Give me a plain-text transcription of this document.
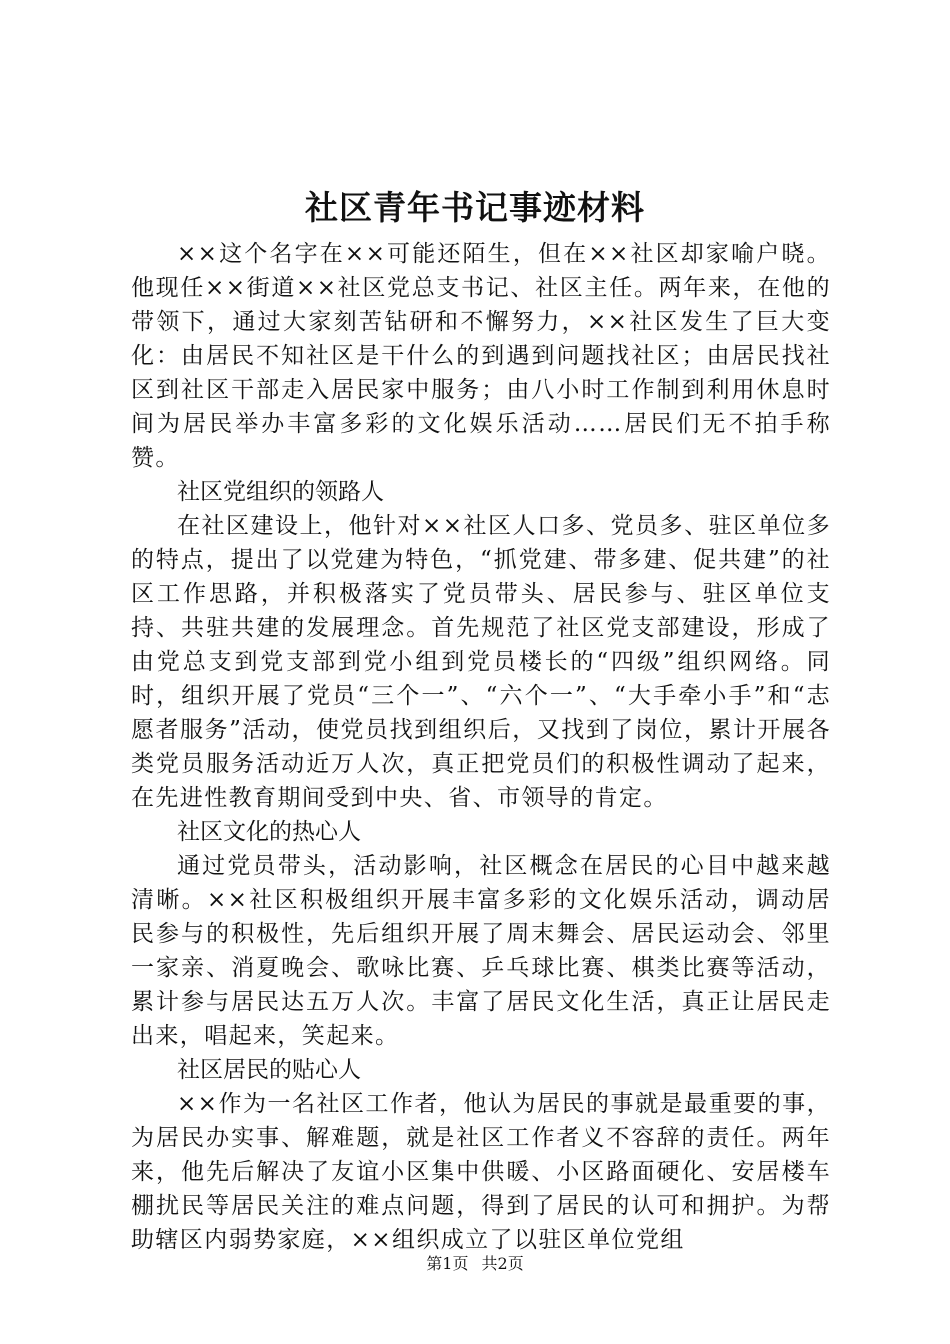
社区青年书记事迹材料

××这个名字在××可能还陌生，但在××社区却家喻户晓。他现任××街道××社区党总支书记、社区主任。两年来，在他的带领下，通过大家刻苦钻研和不懈努力，××社区发生了巨大变化：由居民不知社区是干什么的到遇到问题找社区；由居民找社区到社区干部走入居民家中服务；由八小时工作制到利用休息时间为居民举办丰富多彩的文化娱乐活动……居民们无不拍手称赞。

社区党组织的领路人

在社区建设上，他针对××社区人口多、党员多、驻区单位多的特点，提出了以党建为特色，“抓党建、带多建、促共建”的社区工作思路，并积极落实了党员带头、居民参与、驻区单位支持、共驻共建的发展理念。首先规范了社区党支部建设，形成了由党总支到党支部到党小组到党员楼长的“四级”组织网络。同时，组织开展了党员“三个一”、“六个一”、“大手牵小手”和“志愿者服务”活动，使党员找到组织后，又找到了岗位，累计开展各类党员服务活动近万人次，真正把党员们的积极性调动了起来，在先进性教育期间受到中央、省、市领导的肯定。

社区文化的热心人

通过党员带头，活动影响，社区概念在居民的心目中越来越清晰。××社区积极组织开展丰富多彩的文化娱乐活动，调动居民参与的积极性，先后组织开展了周末舞会、居民运动会、邻里一家亲、消夏晚会、歌咏比赛、乒乓球比赛、棋类比赛等活动，累计参与居民达五万人次。丰富了居民文化生活，真正让居民走出来，唱起来，笑起来。

社区居民的贴心人

××作为一名社区工作者，他认为居民的事就是最重要的事，为居民办实事、解难题，就是社区工作者义不容辞的责任。两年来，他先后解决了友谊小区集中供暖、小区路面硬化、安居楼车棚扰民等居民关注的难点问题，得到了居民的认可和拥护。为帮助辖区内弱势家庭，××组织成立了以驻区单位党组

第1页 共2页
